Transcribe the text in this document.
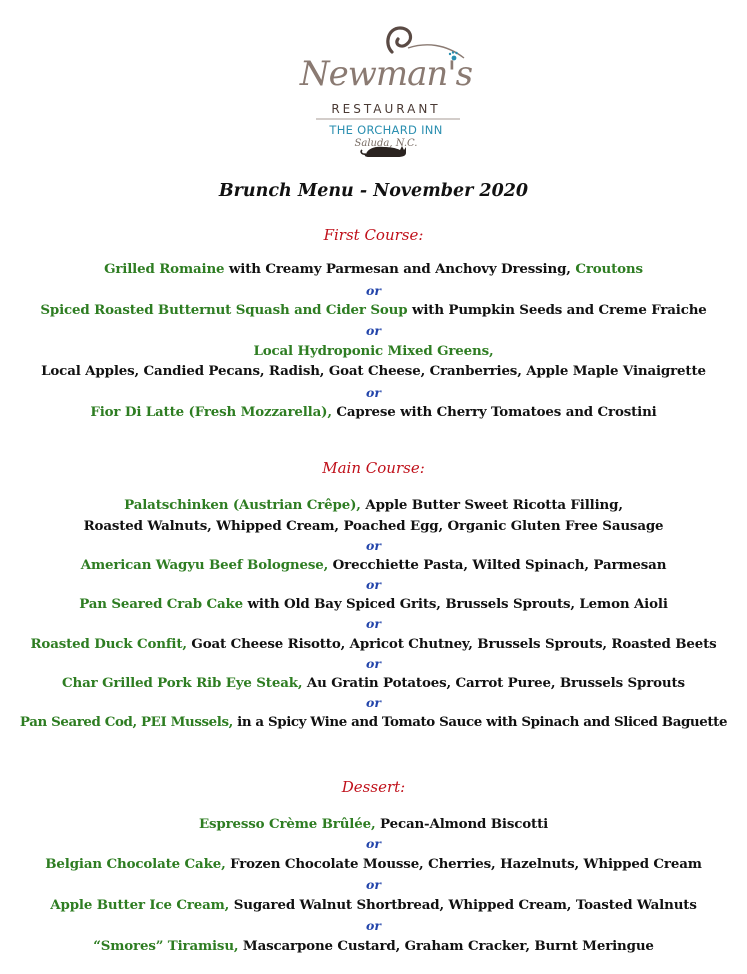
Newman's
RESTAURANT
THE ORCHARD INN
Saluda, N.C.
Brunch Menu - November 2020
First Course:
Grilled Romaine with Creamy Parmesan and Anchovy Dressing, Croutons
or
Spiced Roasted Butternut Squash and Cider Soup with Pumpkin Seeds and Creme Fraiche
or
Local Hydroponic Mixed Greens,
Local Apples, Candied Pecans, Radish, Goat Cheese, Cranberries, Apple Maple Vinaigrette
or
Fior Di Latte (Fresh Mozzarella), Caprese with Cherry Tomatoes and Crostini
Main Course:
Palatschinken (Austrian Crêpe), Apple Butter Sweet Ricotta Filling,
Roasted Walnuts, Whipped Cream, Poached Egg, Organic Gluten Free Sausage
or
American Wagyu Beef Bolognese, Orecchiette Pasta, Wilted Spinach, Parmesan
or
Pan Seared Crab Cake with Old Bay Spiced Grits, Brussels Sprouts, Lemon Aioli
or
Roasted Duck Confit, Goat Cheese Risotto, Apricot Chutney, Brussels Sprouts, Roasted Beets
or
Char Grilled Pork Rib Eye Steak, Au Gratin Potatoes, Carrot Puree, Brussels Sprouts
or
Pan Seared Cod, PEI Mussels, in a Spicy Wine and Tomato Sauce with Spinach and Sliced Baguette
Dessert:
Espresso Crème Brûlée, Pecan-Almond Biscotti
or
Belgian Chocolate Cake, Frozen Chocolate Mousse, Cherries, Hazelnuts, Whipped Cream
or
Apple Butter Ice Cream, Sugared Walnut Shortbread, Whipped Cream, Toasted Walnuts
or
“Smores” Tiramisu, Mascarpone Custard, Graham Cracker, Burnt Meringue
